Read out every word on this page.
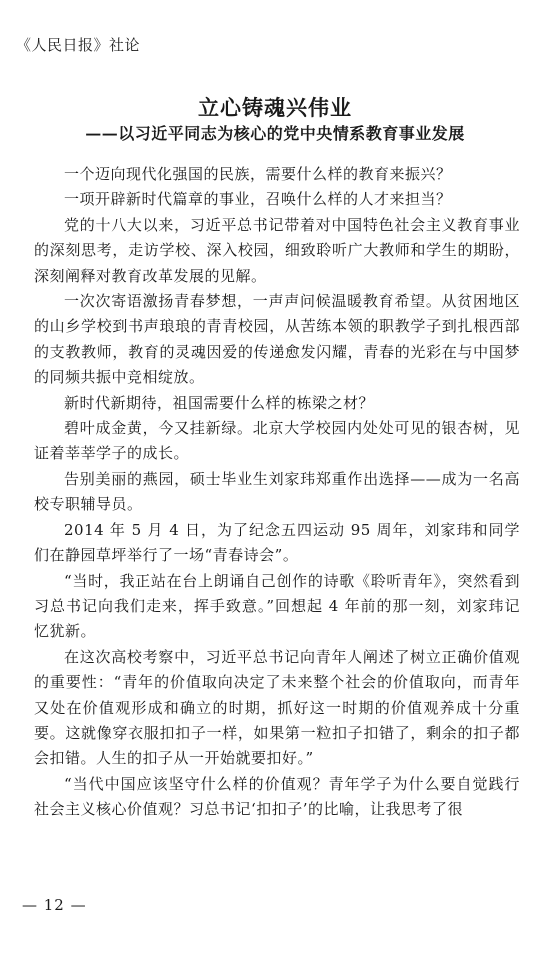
《人民日报》社论
立心铸魂兴伟业
——以习近平同志为核心的党中央情系教育事业发展

一个迈向现代化强国的民族，需要什么样的教育来振兴？

一项开辟新时代篇章的事业，召唤什么样的人才来担当？

党的十八大以来，习近平总书记带着对中国特色社会主义教育事业的深刻思考，走访学校、深入校园，细致聆听广大教师和学生的期盼，深刻阐释对教育改革发展的见解。

一次次寄语激扬青春梦想，一声声问候温暖教育希望。从贫困地区的山乡学校到书声琅琅的青青校园，从苦练本领的职教学子到扎根西部的支教教师，教育的灵魂因爱的传递愈发闪耀，青春的光彩在与中国梦的同频共振中竞相绽放。

新时代新期待，祖国需要什么样的栋梁之材？

碧叶成金黄，今又挂新绿。北京大学校园内处处可见的银杏树，见证着莘莘学子的成长。

告别美丽的燕园，硕士毕业生刘家玮郑重作出选择——成为一名高校专职辅导员。

2014 年 5 月 4 日，为了纪念五四运动 95 周年，刘家玮和同学们在静园草坪举行了一场“青春诗会”。

“当时，我正站在台上朗诵自己创作的诗歌《聆听青年》，突然看到习总书记向我们走来，挥手致意。”回想起 4 年前的那一刻，刘家玮记忆犹新。

在这次高校考察中，习近平总书记向青年人阐述了树立正确价值观的重要性：“青年的价值取向决定了未来整个社会的价值取向，而青年又处在价值观形成和确立的时期，抓好这一时期的价值观养成十分重要。这就像穿衣服扣扣子一样，如果第一粒扣子扣错了，剩余的扣子都会扣错。人生的扣子从一开始就要扣好。”

“当代中国应该坚守什么样的价值观？青年学子为什么要自觉践行社会主义核心价值观？习总书记‘扣扣子’的比喻，让我思考了很

— 12 —
